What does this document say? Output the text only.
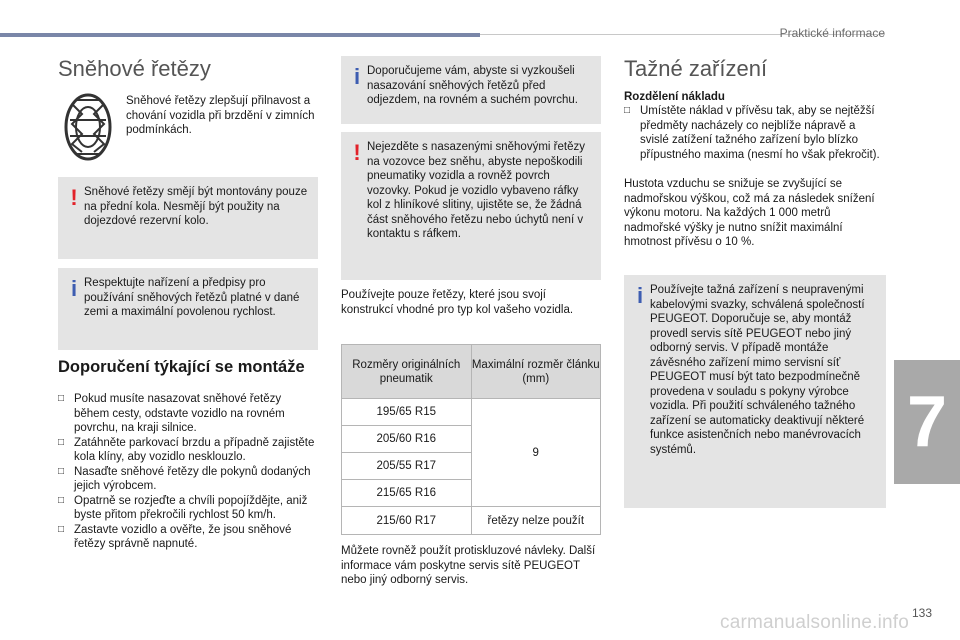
Praktické informace
7
133
carmanualsonline.info
Sněhové řetězy
Sněhové řetězy zlepšují přilnavost a chování vozidla při brzdění v zimních podmínkách.
! Sněhové řetězy smějí být montovány pouze na přední kola. Nesmějí být použity na dojezdové rezervní kolo.
i Respektujte nařízení a předpisy pro používání sněhových řetězů platné v dané zemi a maximální povolenou rychlost.
Doporučení týkající se montáže
□ Pokud musíte nasazovat sněhové řetězy během cesty, odstavte vozidlo na rovném povrchu, na kraji silnice.
□ Zatáhněte parkovací brzdu a případně zajistěte kola klíny, aby vozidlo nesklouzlo.
□ Nasaďte sněhové řetězy dle pokynů dodaných jejich výrobcem.
□ Opatrně se rozjeďte a chvíli popojíždějte, aniž byste přitom překročili rychlost 50 km/h.
□ Zastavte vozidlo a ověřte, že jsou sněhové řetězy správně napnuté.
i Doporučujeme vám, abyste si vyzkoušeli nasazování sněhových řetězů před odjezdem, na rovném a suchém povrchu.
! Nejezděte s nasazenými sněhovými řetězy na vozovce bez sněhu, abyste nepoškodili pneumatiky vozidla a rovněž povrch vozovky. Pokud je vozidlo vybaveno ráfky kol z hliníkové slitiny, ujistěte se, že žádná část sněhového řetězu nebo úchytů není v kontaktu s ráfkem.
Používejte pouze řetězy, které jsou svojí konstrukcí vhodné pro typ kol vašeho vozidla.
Rozměry originálních pneumatik	Maximální rozměr článku (mm)
195/65 R15	9
205/60 R16	
205/55 R17	
215/65 R16	
215/60 R17	řetězy nelze použít
Můžete rovněž použít protiskluzové návleky. Další informace vám poskytne servis sítě PEUGEOT nebo jiný odborný servis.
Tažné zařízení
Rozdělení nákladu
□ Umístěte náklad v přívěsu tak, aby se nejtěžší předměty nacházely co nejblíže nápravě a svislé zatížení tažného zařízení bylo blízko přípustného maxima (nesmí ho však překročit).
Hustota vzduchu se snižuje se zvyšující se nadmořskou výškou, což má za následek snížení výkonu motoru. Na každých 1 000 metrů nadmořské výšky je nutno snížit maximální hmotnost přívěsu o 10 %.
i Používejte tažná zařízení s neupravenými kabelovými svazky, schválená společností PEUGEOT. Doporučuje se, aby montáž provedl servis sítě PEUGEOT nebo jiný odborný servis. V případě montáže závěsného zařízení mimo servisní síť PEUGEOT musí být tato bezpodmínečně provedena v souladu s pokyny výrobce vozidla. Při použití schváleného tažného zařízení se automaticky deaktivují některé funkce asistenčních nebo manévrovacích systémů.
